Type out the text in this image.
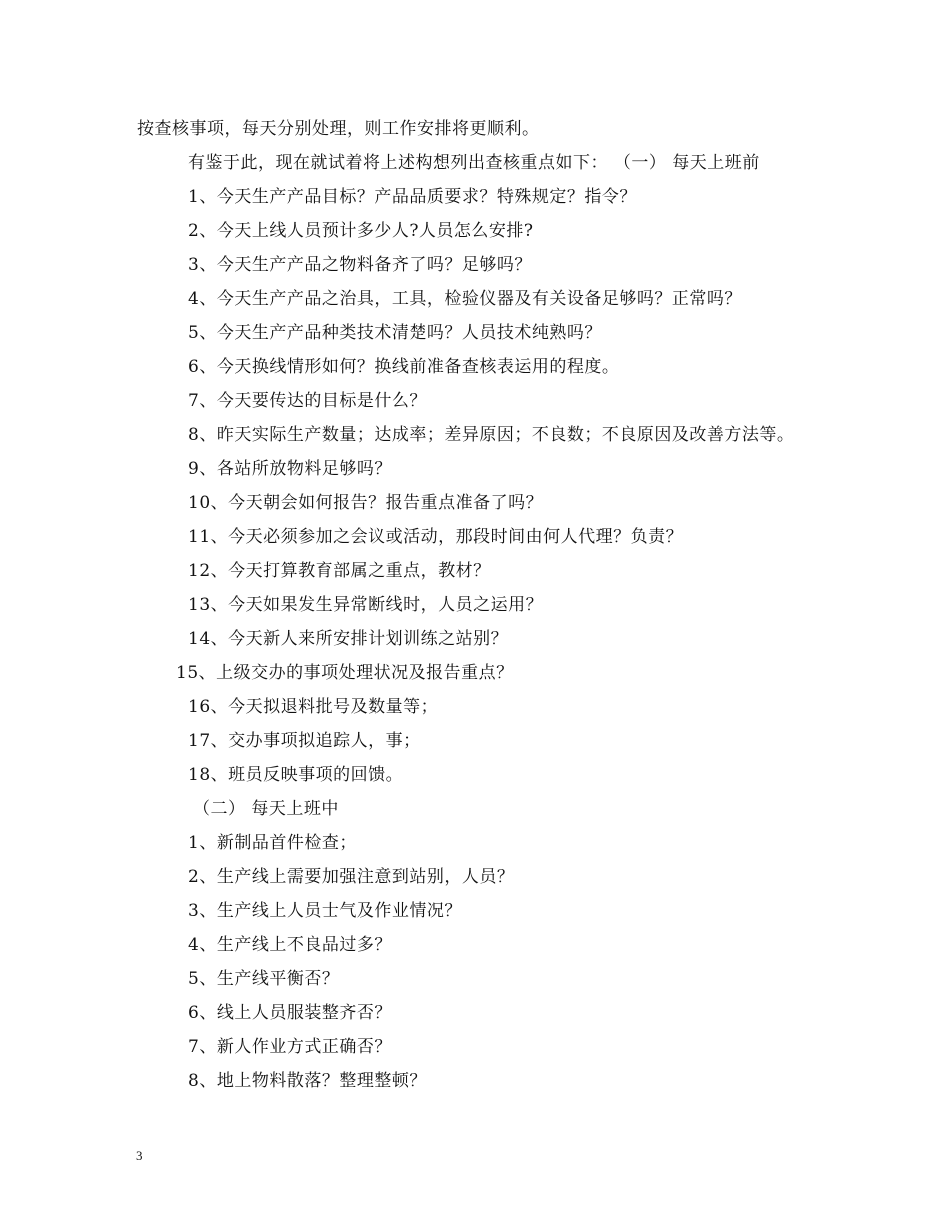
按查核事项，每天分别处理，则工作安排将更顺利。
有鉴于此，现在就试着将上述构想列出查核重点如下： （一） 每天上班前
1、今天生产产品目标？产品品质要求？特殊规定？指令？
2、今天上线人员预计多少人?人员怎么安排?
3、今天生产产品之物料备齐了吗？足够吗？
4、今天生产产品之治具，工具，检验仪器及有关设备足够吗？正常吗？
5、今天生产产品种类技术清楚吗？人员技术纯熟吗？
6、今天换线情形如何？换线前准备查核表运用的程度。
7、今天要传达的目标是什么？
8、昨天实际生产数量；达成率；差异原因；不良数；不良原因及改善方法等。
9、各站所放物料足够吗？
10、今天朝会如何报告？报告重点准备了吗？
11、今天必须参加之会议或活动，那段时间由何人代理？负责？
12、今天打算教育部属之重点，教材？
13、今天如果发生异常断线时，人员之运用？
14、今天新人来所安排计划训练之站别？
15、上级交办的事项处理状况及报告重点？
16、今天拟退料批号及数量等；
17、交办事项拟追踪人，事；
18、班员反映事项的回馈。
（二） 每天上班中
1、新制品首件检查；
2、生产线上需要加强注意到站别，人员？
3、生产线上人员士气及作业情况？
4、生产线上不良品过多？
5、生产线平衡否？
6、线上人员服装整齐否？
7、新人作业方式正确否？
8、地上物料散落？整理整顿？
3
